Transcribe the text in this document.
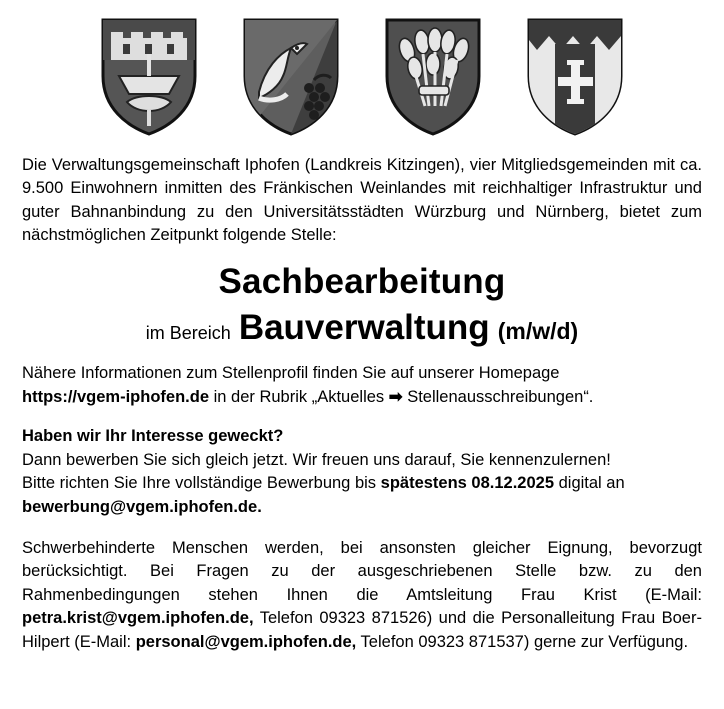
Die Verwaltungsgemeinschaft Iphofen (Landkreis Kitzingen), vier Mitgliedsgemeinden mit ca. 9.500 Einwohnern inmitten des Fränkischen Weinlandes mit reichhaltiger Infrastruktur und guter Bahnanbindung zu den Universitätsstädten Würzburg und Nürnberg, bietet zum nächstmöglichen Zeitpunkt folgende Stelle:

Sachbearbeitung
im Bereich Bauverwaltung (m/w/d)
Nähere Informationen zum Stellenprofil finden Sie auf unserer Homepage
https://vgem-iphofen.de in der Rubrik „Aktuelles ➡ Stellenausschreibungen“.
Haben wir Ihr Interesse geweckt?
Dann bewerben Sie sich gleich jetzt. Wir freuen uns darauf, Sie kennenzulernen!
Bitte richten Sie Ihre vollständige Bewerbung bis spätestens 08.12.2025 digital an
bewerbung@vgem.iphofen.de.
Schwerbehinderte Menschen werden, bei ansonsten gleicher Eignung, bevorzugt berücksichtigt. Bei Fragen zu der ausgeschriebenen Stelle bzw. zu den Rahmenbedingungen stehen Ihnen die Amtsleitung Frau Krist (E-Mail: petra.krist@vgem.iphofen.de, Telefon 09323 871526) und die Personalleitung Frau Boer-Hilpert (E-Mail: personal@vgem.iphofen.de, Telefon 09323 871537) gerne zur Verfügung.
